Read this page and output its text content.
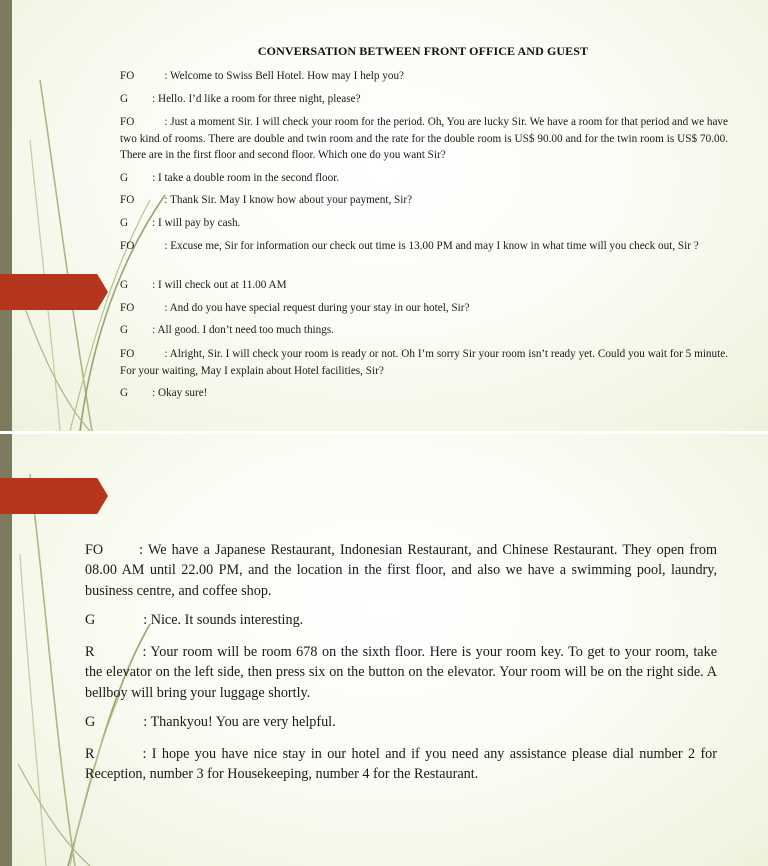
CONVERSATION BETWEEN FRONT OFFICE AND GUEST
FO	: Welcome to Swiss Bell Hotel. How may I help you?
G : Hello. I’d like a room for three night, please?
FO	: Just a moment Sir. I will check your room for the period. Oh, You are lucky Sir. We have a room for that period and we have two kind of rooms. There are double and twin room and the rate for the double room is US$ 90.00 and for the twin room is US$ 70.00. There are in the first floor and second floor. Which one do you want Sir?
G : I take a double room in the second floor.
FO	: Thank Sir. May I know how about your payment, Sir?
G : I will pay by cash.
FO	: Excuse me, Sir for information our check out time is 13.00 PM and may I know in what time will you check out, Sir ?
G : I will check out at 11.00 AM
FO	: And do you have special request during your stay in our hotel, Sir?
G : All good. I don’t need too much things.
FO	: Alright, Sir. I will check your room is ready or not. Oh I’m sorry Sir your room isn’t ready yet. Could you wait for 5 minute. For your waiting, May I explain about Hotel facilities, Sir?
G : Okay sure!
FO	: We have a Japanese Restaurant, Indonesian Restaurant, and Chinese Restaurant. They open from 08.00 AM until 22.00 PM, and the location in the first floor, and also we have a swimming pool, laundry, business centre, and coffee shop.
G	: Nice. It sounds interesting.
R	: Your room will be room 678 on the sixth floor. Here is your room key. To get to your room, take the elevator on the left side, then press six on the button on the elevator. Your room will be on the right side. A bellboy will bring your luggage shortly.
G	: Thankyou! You are very helpful.
R	: I hope you have nice stay in our hotel and if you need any assistance please dial number 2 for Reception, number 3 for Housekeeping, number 4 for the Restaurant.
